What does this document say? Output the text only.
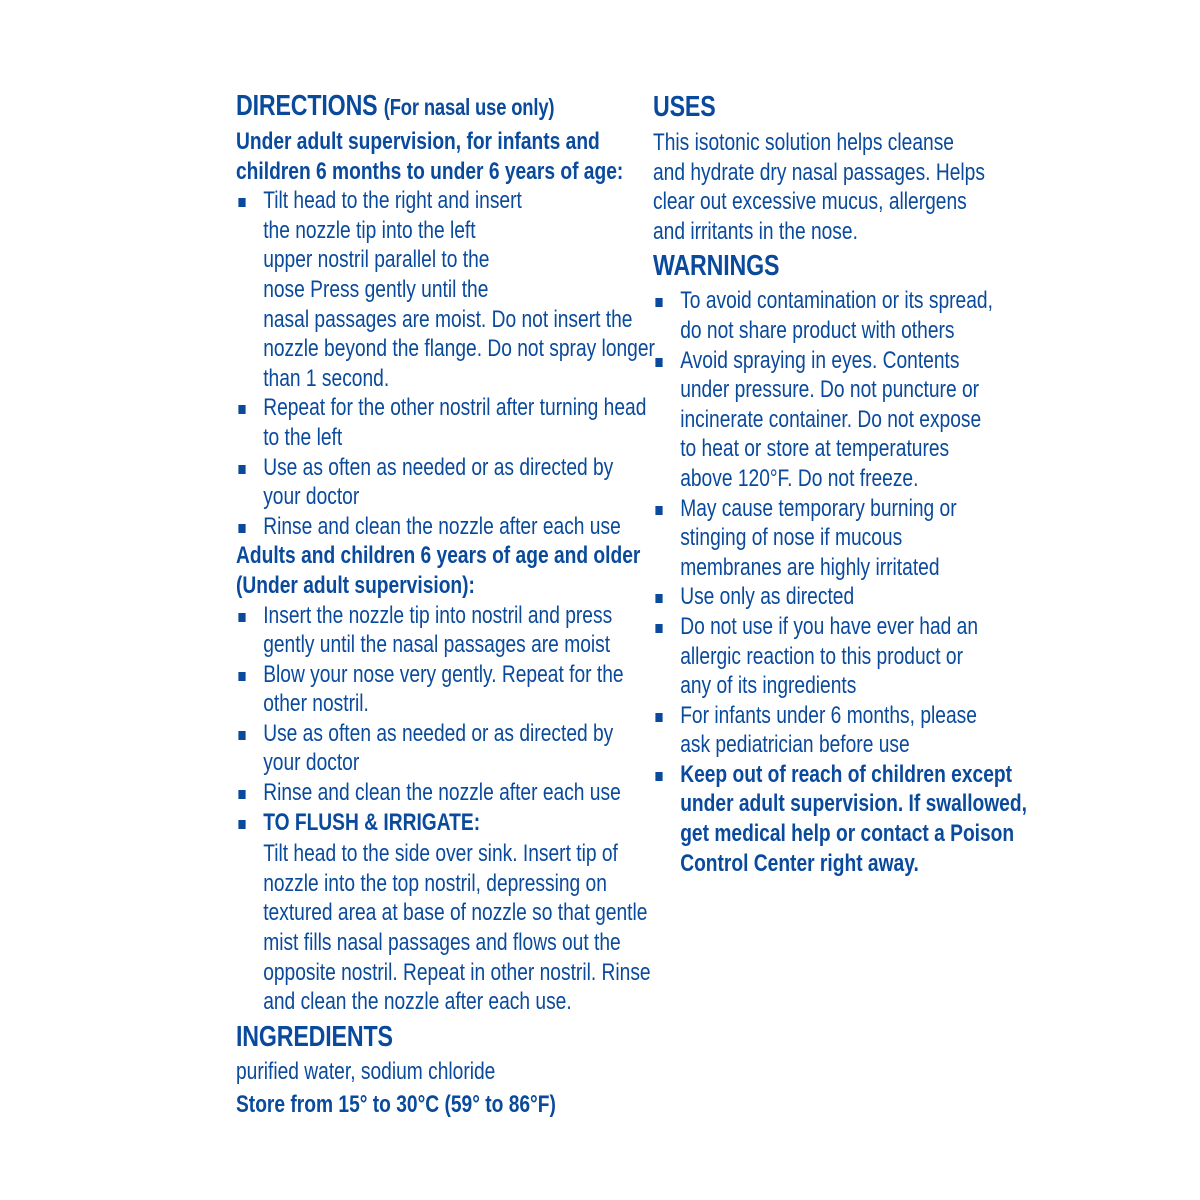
DIRECTIONS (For nasal use only)
Under adult supervision, for infants and
children 6 months to under 6 years of age:
Tilt head to the right and insert
the nozzle tip into the left
upper nostril parallel to the
nose Press gently until the
nasal passages are moist. Do not insert the
nozzle beyond the flange. Do not spray longer
than 1 second.
Repeat for the other nostril after turning head
to the left
Use as often as needed or as directed by
your doctor
Rinse and clean the nozzle after each use
Adults and children 6 years of age and older
(Under adult supervision):
Insert the nozzle tip into nostril and press
gently until the nasal passages are moist
Blow your nose very gently. Repeat for the
other nostril.
Use as often as needed or as directed by
your doctor
Rinse and clean the nozzle after each use
TO FLUSH & IRRIGATE:
Tilt head to the side over sink. Insert tip of
nozzle into the top nostril, depressing on
textured area at base of nozzle so that gentle
mist fills nasal passages and flows out the
opposite nostril. Repeat in other nostril. Rinse
and clean the nozzle after each use.
INGREDIENTS
purified water, sodium chloride
Store from 15° to 30°C (59° to 86°F)
USES
This isotonic solution helps cleanse
and hydrate dry nasal passages. Helps
clear out excessive mucus, allergens
and irritants in the nose.
WARNINGS
To avoid contamination or its spread,
do not share product with others
Avoid spraying in eyes. Contents
under pressure. Do not puncture or
incinerate container. Do not expose
to heat or store at temperatures
above 120°F. Do not freeze.
May cause temporary burning or
stinging of nose if mucous
membranes are highly irritated
Use only as directed
Do not use if you have ever had an
allergic reaction to this product or
any of its ingredients
For infants under 6 months, please
ask pediatrician before use
Keep out of reach of children except
under adult supervision. If swallowed,
get medical help or contact a Poison
Control Center right away.
